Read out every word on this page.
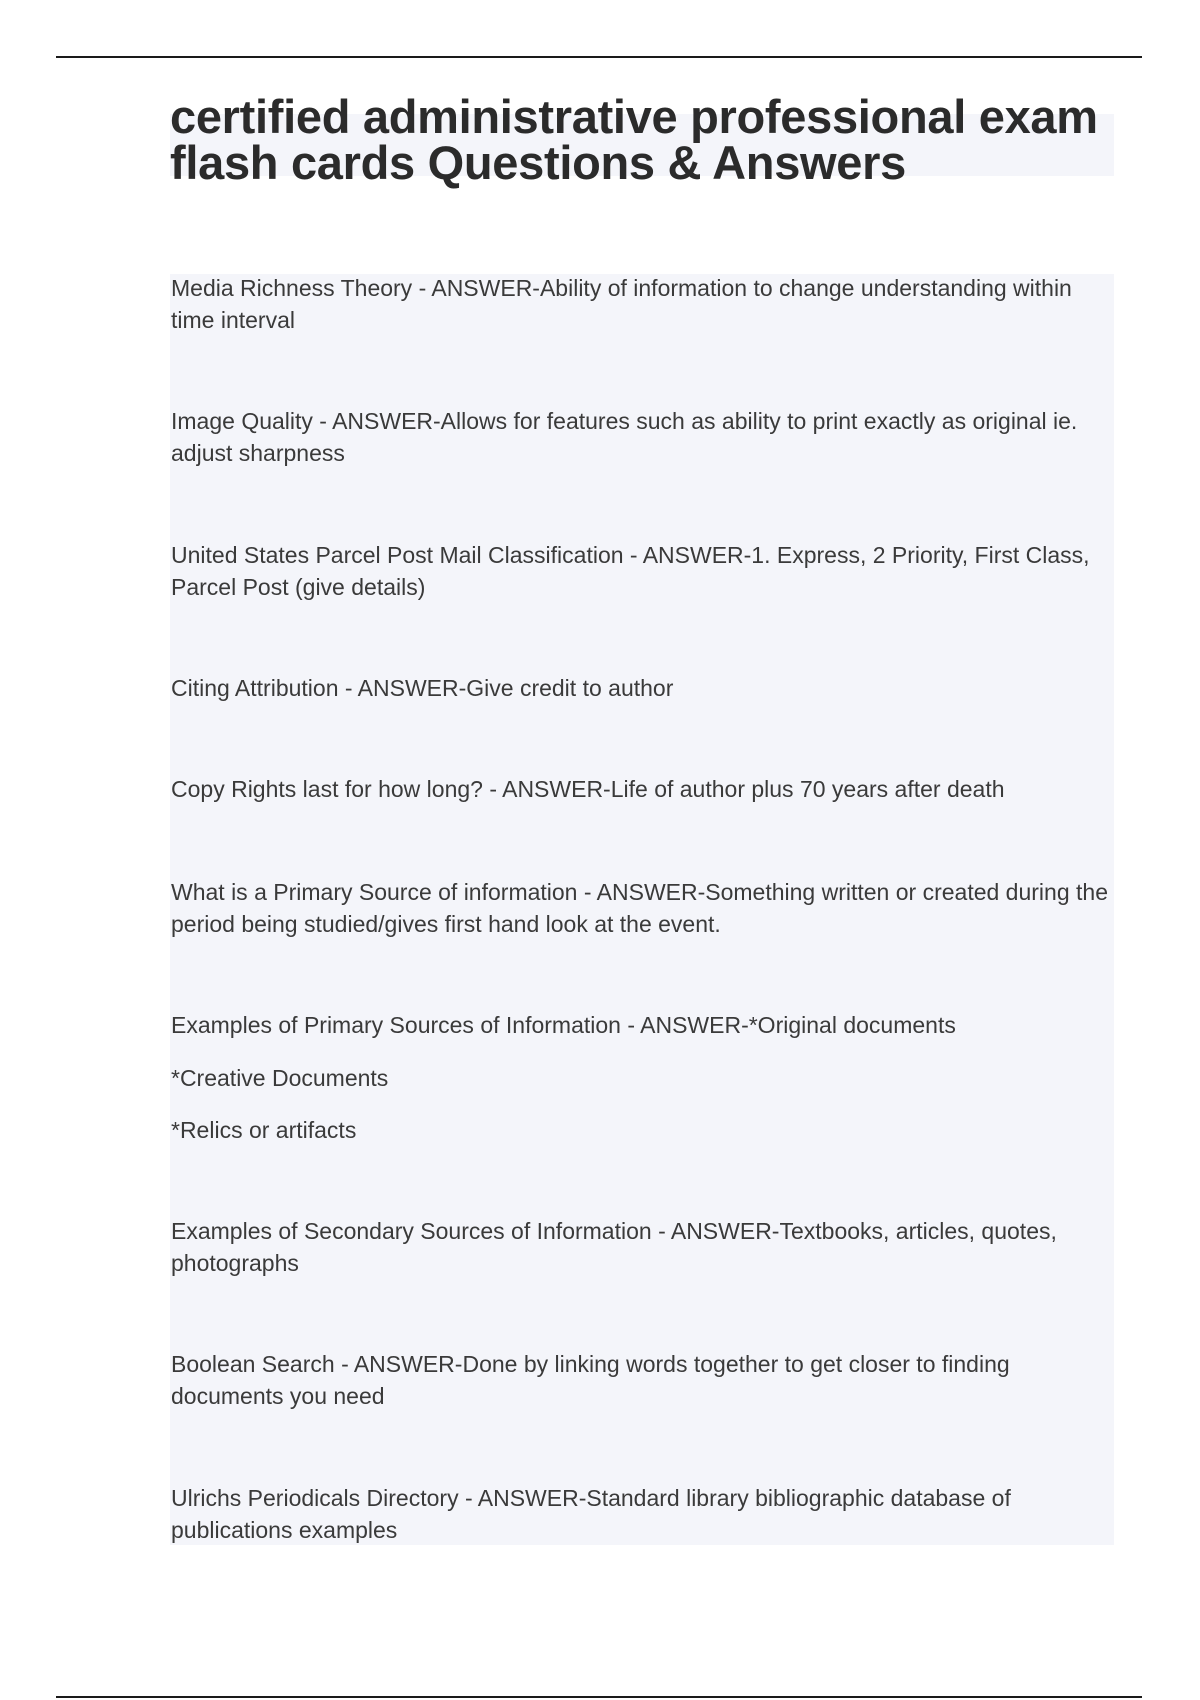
certified administrative professional exam flash cards Questions & Answers

Media Richness Theory - ANSWER-Ability of information to change understanding within time interval

Image Quality - ANSWER-Allows for features such as ability to print exactly as original ie. adjust sharpness

United States Parcel Post Mail Classification - ANSWER-1. Express, 2 Priority, First Class, Parcel Post (give details)

Citing Attribution - ANSWER-Give credit to author

Copy Rights last for how long? - ANSWER-Life of author plus 70 years after death

What is a Primary Source of information - ANSWER-Something written or created during the period being studied/gives first hand look at the event.

Examples of Primary Sources of Information - ANSWER-*Original documents

*Creative Documents

*Relics or artifacts

Examples of Secondary Sources of Information - ANSWER-Textbooks, articles, quotes, photographs

Boolean Search - ANSWER-Done by linking words together to get closer to finding documents you need

Ulrichs Periodicals Directory - ANSWER-Standard library bibliographic database of publications examples
